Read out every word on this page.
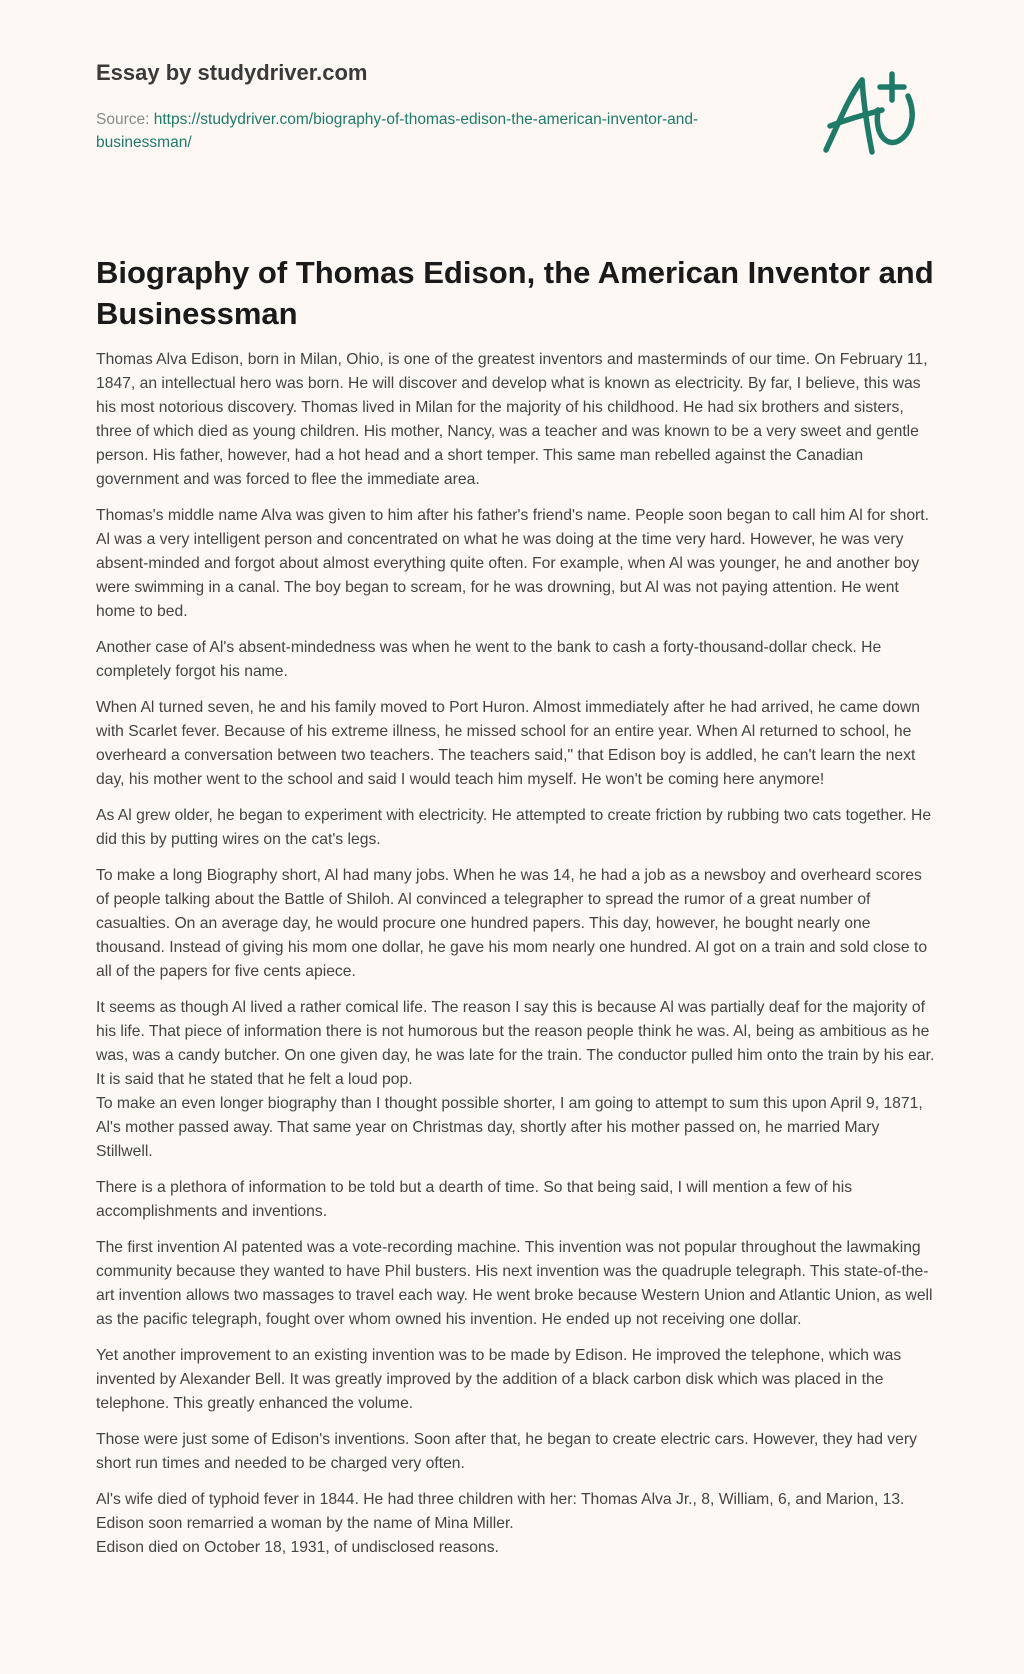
Essay by studydriver.com
Source: https://studydriver.com/biography-of-thomas-edison-the-american-inventor-and-businessman/
Biography of Thomas Edison, the American Inventor and Businessman

Thomas Alva Edison, born in Milan, Ohio, is one of the greatest inventors and masterminds of our time. On February 11, 1847, an intellectual hero was born. He will discover and develop what is known as electricity. By far, I believe, this was his most notorious discovery. Thomas lived in Milan for the majority of his childhood. He had six brothers and sisters, three of which died as young children. His mother, Nancy, was a teacher and was known to be a very sweet and gentle person. His father, however, had a hot head and a short temper. This same man rebelled against the Canadian government and was forced to flee the immediate area.

Thomas's middle name Alva was given to him after his father's friend's name. People soon began to call him Al for short. Al was a very intelligent person and concentrated on what he was doing at the time very hard. However, he was very absent-minded and forgot about almost everything quite often. For example, when Al was younger, he and another boy were swimming in a canal. The boy began to scream, for he was drowning, but Al was not paying attention. He went home to bed.

Another case of Al's absent-mindedness was when he went to the bank to cash a forty-thousand-dollar check. He completely forgot his name.

When Al turned seven, he and his family moved to Port Huron. Almost immediately after he had arrived, he came down with Scarlet fever. Because of his extreme illness, he missed school for an entire year. When Al returned to school, he overheard a conversation between two teachers. The teachers said," that Edison boy is addled, he can't learn the next day, his mother went to the school and said I would teach him myself. He won't be coming here anymore!

As Al grew older, he began to experiment with electricity. He attempted to create friction by rubbing two cats together. He did this by putting wires on the cat's legs.

To make a long Biography short, Al had many jobs. When he was 14, he had a job as a newsboy and overheard scores of people talking about the Battle of Shiloh. Al convinced a telegrapher to spread the rumor of a great number of casualties. On an average day, he would procure one hundred papers. This day, however, he bought nearly one thousand. Instead of giving his mom one dollar, he gave his mom nearly one hundred. Al got on a train and sold close to all of the papers for five cents apiece.

It seems as though Al lived a rather comical life. The reason I say this is because Al was partially deaf for the majority of his life. That piece of information there is not humorous but the reason people think he was. Al, being as ambitious as he was, was a candy butcher. On one given day, he was late for the train. The conductor pulled him onto the train by his ear. It is said that he stated that he felt a loud pop.

To make an even longer biography than I thought possible shorter, I am going to attempt to sum this upon April 9, 1871, Al's mother passed away. That same year on Christmas day, shortly after his mother passed on, he married Mary Stillwell.

There is a plethora of information to be told but a dearth of time. So that being said, I will mention a few of his accomplishments and inventions.

The first invention Al patented was a vote-recording machine. This invention was not popular throughout the lawmaking community because they wanted to have Phil busters. His next invention was the quadruple telegraph. This state-of-the-art invention allows two massages to travel each way. He went broke because Western Union and Atlantic Union, as well as the pacific telegraph, fought over whom owned his invention. He ended up not receiving one dollar.

Yet another improvement to an existing invention was to be made by Edison. He improved the telephone, which was invented by Alexander Bell. It was greatly improved by the addition of a black carbon disk which was placed in the telephone. This greatly enhanced the volume.

Those were just some of Edison's inventions. Soon after that, he began to create electric cars. However, they had very short run times and needed to be charged very often.

Al's wife died of typhoid fever in 1844. He had three children with her: Thomas Alva Jr., 8, William, 6, and Marion, 13.

Edison soon remarried a woman by the name of Mina Miller.

Edison died on October 18, 1931, of undisclosed reasons.
